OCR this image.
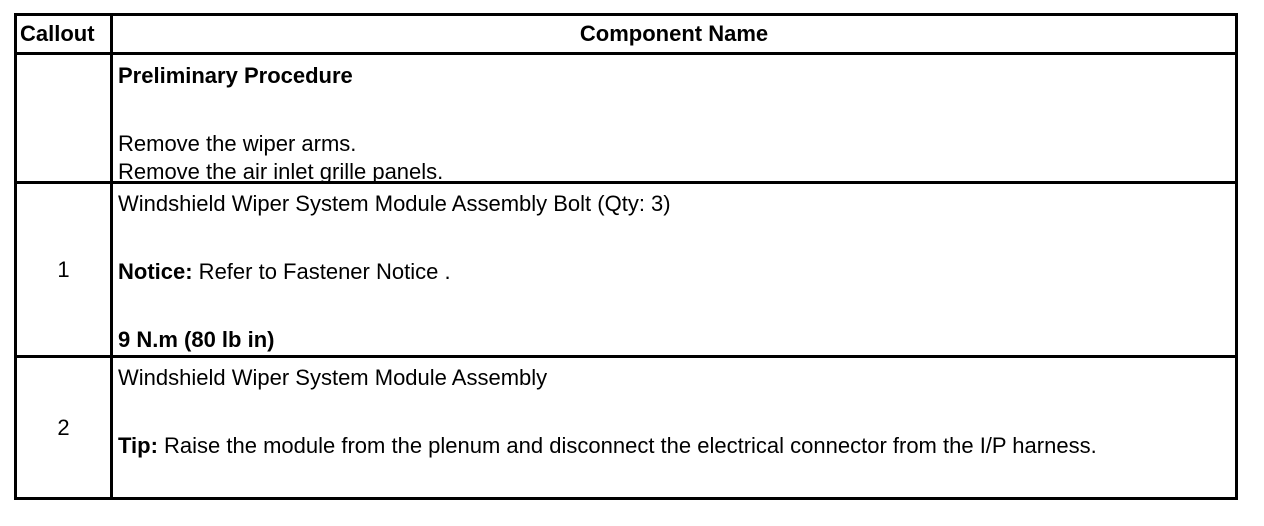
Callout	Component Name

	Preliminary Procedure
Remove the wiper arms.
Remove the air inlet grille panels.

1	Windshield Wiper System Module Assembly Bolt (Qty: 3)
Notice: Refer to Fastener Notice .
9 N.m (80 lb in)

2	Windshield Wiper System Module Assembly
Tip: Raise the module from the plenum and disconnect the electrical connector from the I/P harness.
